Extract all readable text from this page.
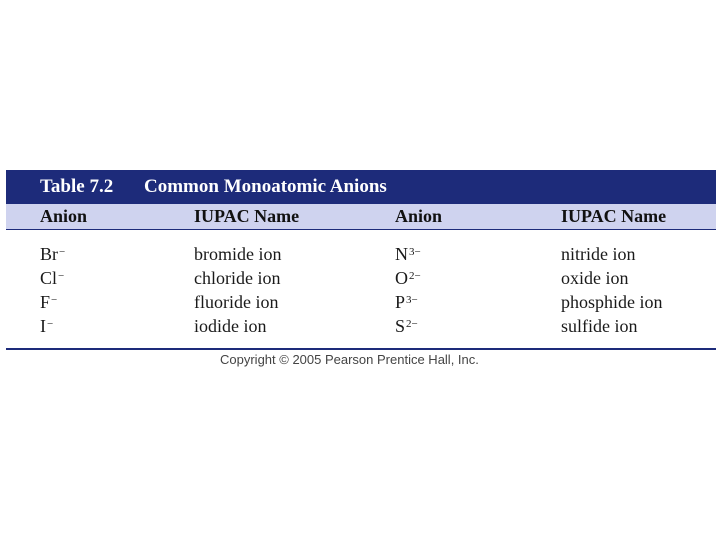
Table 7.2	Common Monoatomic Anions
Anion	IUPAC Name	Anion	IUPAC Name
Br−	bromide ion	$N^{3-}$	nitride ion
Cl−	chloride ion	$O^{2-}$	oxide ion
F−	fluoride ion	$P^{3-}$	phosphide ion
I−	iodide ion	$S^{2-}$	sulfide ion
Copyright © 2005 Pearson Prentice Hall, Inc.
